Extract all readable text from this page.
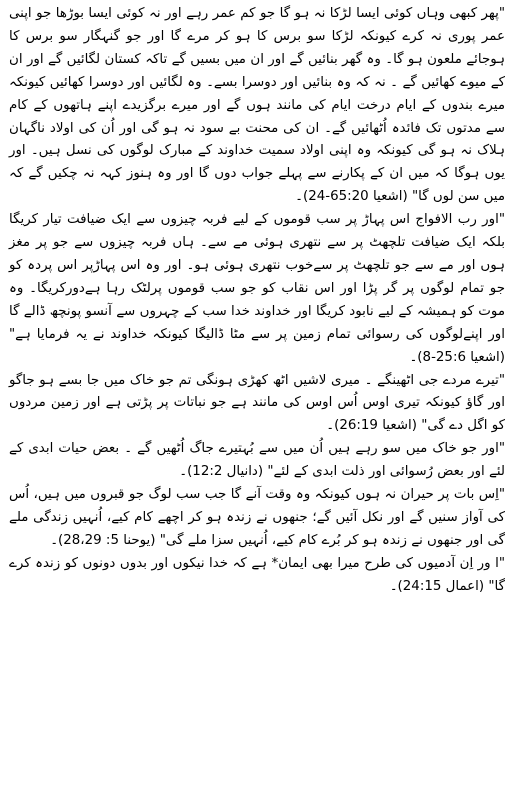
"پھر کبھی وہاں کوئی ایسا لڑکا نہ ہو گا جو کم عمر رہے اور نہ کوئی ایسا بوڑھا جو اپنی عمر پوری نہ کرے کیونکہ لڑکا سو برس کا ہو کر مرے گا اور جو گنہگار سو برس کا ہوجائے ملعون ہو گا۔ وہ گھر بنائیں گے اور ان میں بسیں گے تاکہ کستان لگائیں گے اور ان کے میوے کھائیں گے ۔ نہ کہ وہ بنائیں اور دوسرا بسے۔ وہ لگائیں اور دوسرا کھائیں کیونکہ میرے بندوں کے ایام درخت ایام کی مانند ہوں گے اور میرے برگزیدے اپنے ہاتھوں کے کام سے مدتوں تک فائدہ اُٹھائیں گے۔ ان کی محنت بے سود نہ ہو گی اور اُن کی اولاد ناگہان ہلاک نہ ہو گی کیونکہ وہ اپنی اولاد سمیت خداوند کے مبارک لوگوں کی نسل ہیں۔ اور یوں ہوگا کہ میں ان کے پکارنے سے پہلے جواب دوں گا اور وہ ہنوز کہہ نہ چکیں گے کہ میں سن لوں گا" (اشعیا 65:20-24)۔

"اور رب الافواج اس پہاڑ پر سب قوموں کے لیے فربہ چیزوں سے ایک ضیافت تیار کریگا بلکہ ایک ضیافت تلچھٹ پر سے نتھری ہوئی مے سے۔ ہاں فربہ چیزوں سے جو پر مغز ہوں اور مے سے جو تلچھٹ پر سےخوب نتھری ہوئی ہو۔ اور وہ اس پہاڑپر اس پردہ کو جو تمام لوگوں پر گر پڑا اور اس نقاب کو جو سب قوموں پرلٹک رہا ہےدورکریگا۔ وہ موت کو ہمیشہ کے لیے نابود کریگا اور خداوند خدا سب کے چہروں سے آنسو پونچھ ڈالے گا اور اپنےلوگوں کی رسوائی تمام زمین پر سے مٹا ڈالیگا کیونکہ خداوند نے یہ فرمایا ہے" (اشعیا 25:6-8)۔

"تیرے مردے جی اٹھینگے ۔ میری لاشیں اٹھ کھڑی ہونگی تم جو خاک میں جا بسے ہو جاگو اور گاؤ کیونکہ تیری اوس اُس اوس کی مانند ہے جو نباتات پر پڑتی ہے اور زمین مردوں کو اگل دے گی" (اشعیا 26:19)۔

"اور جو خاک میں سو رہے ہیں اُن میں سے بُہتیرے جاگ اُٹھیں گے ۔ بعض حیات ابدی کے لئے اور بعض رُسوائی اور ذلت ابدی کے لئے" (دانیال 12:2)۔

"اِس بات پر حیران نہ ہوں کیونکہ وہ وقت آنے گا جب سب لوگ جو قبروں میں ہیں، اُس کی آواز سنیں گے اور نکل آئیں گے؛ جنھوں نے زندہ ہو کر اچھے کام کیے، اُنہیں زندگی ملے گی اور جنھوں نے زندہ ہو کر بُرے کام کیے، اُنہیں سزا ملے گی" (یوحنا 5: 28،29)۔

"ا ور اِن آدمیوں کی طرح میرا بھی ایمان* ہے کہ خدا نیکوں اور بدوں دونوں کو زندہ کرے گا" (اعمال 24:15)۔
